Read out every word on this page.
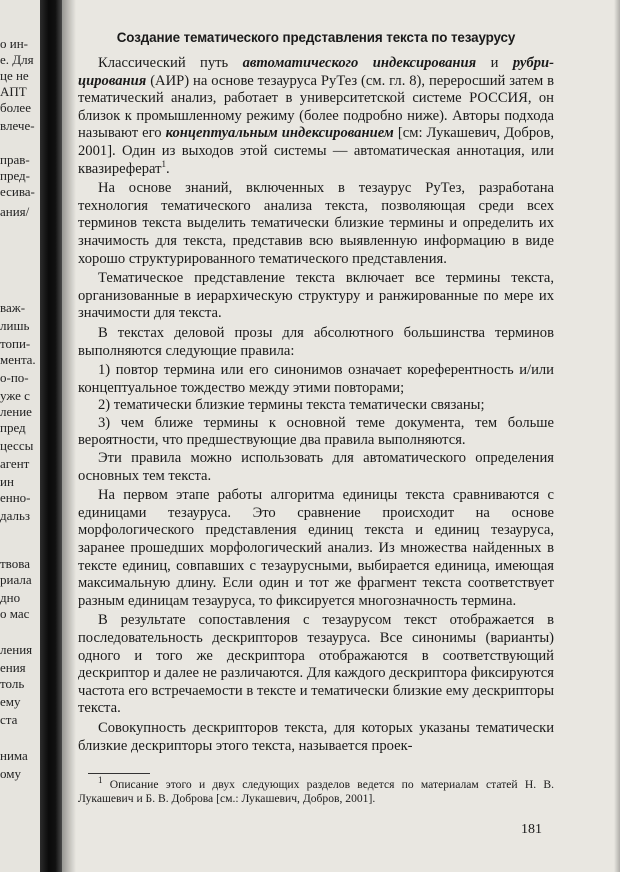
о ин-
е. Для
це не
АПТ
более
влече-
прав-
пред-
есива-
ания/
важ-
лишь
топи-
ментa.
о-по-
уже с
ление
пред
цессы
агент
ин
енно-
дальз
твова
риала
дно
о мас
ления
ения
толь
ему
ста
нима
ому
Создание тематического представления текста по тезаурусу

Классический путь автоматического индексирования и рубрицирования (АИР) на основе тезауруса РуТез (см. гл. 8), переросший затем в тематический анализ, работает в университетской системе РОССИЯ, он близок к промышленному режиму (более подробно ниже). Авторы подхода называют его концептуальным индексированием [см: Лукашевич, Добров, 2001]. Один из выходов этой системы — автоматическая аннотация, или квазиреферат$^1$.

На основе знаний, включенных в тезаурус РуТез, разработана технология тематического анализа текста, позволяющая среди всех терминов текста выделить тематически близкие термины и определить их значимость для текста, представив всю выявленную информацию в виде хорошо структурированного тематического представления.

Тематическое представление текста включает все термины текста, организованные в иерархическую структуру и ранжированные по мере их значимости для текста.

В текстах деловой прозы для абсолютного большинства терминов выполняются следующие правила:

1) повтор термина или его синонимов означает кореферентность и/или концептуальное тождество между этими повторами;

2) тематически близкие термины текста тематически связаны;

3) чем ближе термины к основной теме документа, тем больше вероятности, что предшествующие два правила выполняются.

Эти правила можно использовать для автоматического определения основных тем текста.

На первом этапе работы алгоритма единицы текста сравниваются с единицами тезауруса. Это сравнение происходит на основе морфологического представления единиц текста и единиц тезауруса, заранее прошедших морфологический анализ. Из множества найденных в тексте единиц, совпавших с тезаурусными, выбирается единица, имеющая максимальную длину. Если один и тот же фрагмент текста соответствует разным единицам тезауруса, то фиксируется многозначность термина.

В результате сопоставления с тезаурусом текст отображается в последовательность дескрипторов тезауруса. Все синонимы (варианты) одного и того же дескриптора отображаются в соответствующий дескриптор и далее не различаются. Для каждого дескриптора фиксируются частота его встречаемости в тексте и тематически близкие ему дескрипторы текста.

Совокупность дескрипторов текста, для которых указаны тематически близкие дескрипторы этого текста, называется проек-

$^1$ Описание этого и двух следующих разделов ведется по материалам статей Н. В. Лукашевич и Б. В. Доброва [см.: Лукашевич, Добров, 2001].
181
